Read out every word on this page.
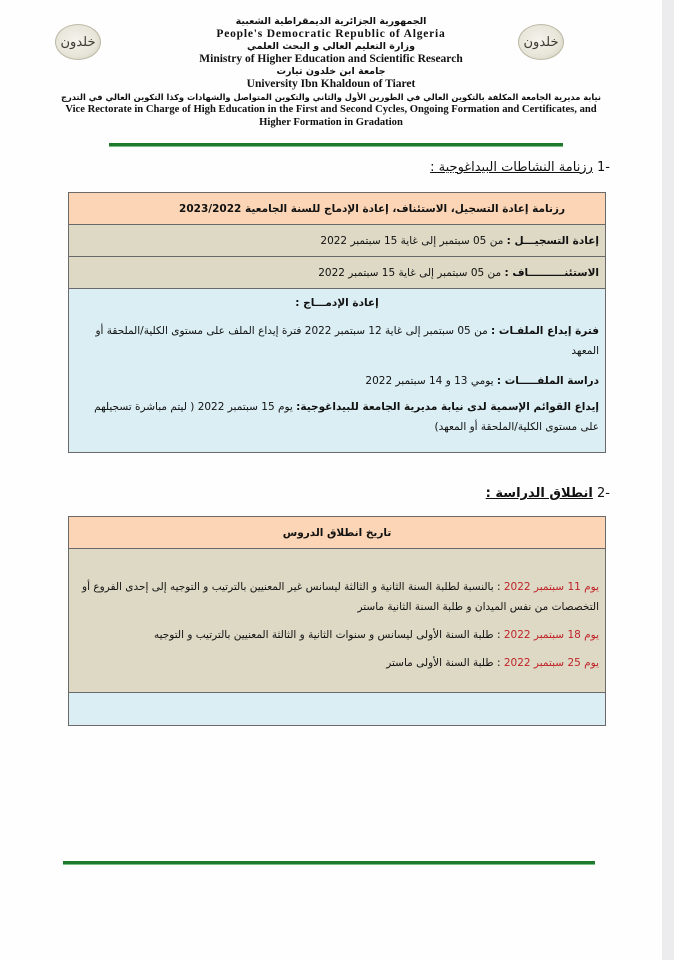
خلدون	خلدون
الجمهورية الجزائرية الديمقراطية الشعبية
People's Democratic Republic of Algeria
وزارة التعليم العالي و البحث العلمي
Ministry of Higher Education and Scientific Research
جامعة ابن خلدون تيارت
University Ibn Khaldoun of Tiaret
نيابة مديرية الجامعة المكلفة بالتكوين العالي في الطورين الأول والثاني والتكوين المتواصل والشهادات وكذا التكوين العالي في التدرج
Vice Rectorate in Charge of High Education in the First and Second Cycles, Ongoing Formation and Certificates, and
Higher Formation in Gradation
-1 رزنامة النشاطات البيداغوجية :
رزنامة إعادة التسجيل، الاستئناف، إعادة الإدماج للسنة الجامعية 2023/2022
إعادة التسجيـــل : من 05 سبتمبر إلى غاية 15 سبتمبر 2022
الاستئنــــــــــاف : من 05 سبتمبر إلى غاية 15 سبتمبر 2022

إعادة الإدمـــاج :
فترة إيداع الملفـات : من 05 سبتمبر إلى غاية 12 سبتمبر 2022 فترة إيداع الملف على مستوى الكلية/الملحقة أو المعهد
دراسة الملفـــــات : يومي 13 و 14 سبتمبر 2022
إيداع القوائم الإسمية لدى نيابة مديرية الجامعة للبيداغوجية: يوم 15 سبتمبر 2022 ( ليتم مباشرة تسجيلهم على مستوى الكلية/الملحقة أو المعهد)
-2 انطلاق الدراسة :
تاريخ انطلاق الدروس

يوم 11 سبتمبر 2022 : بالنسبة لطلبة السنة الثانية و الثالثة ليسانس غير المعنيين بالترتيب و التوجيه إلى إحدى الفروع أو التخصصات من نفس الميدان و طلبة السنة الثانية ماستر
يوم 18 سبتمبر 2022 : طلبة السنة الأولى ليسانس و سنوات الثانية و الثالثة المعنيين بالترتيب و التوجيه
يوم 25 سبتمبر 2022 : طلبة السنة الأولى ماستر
